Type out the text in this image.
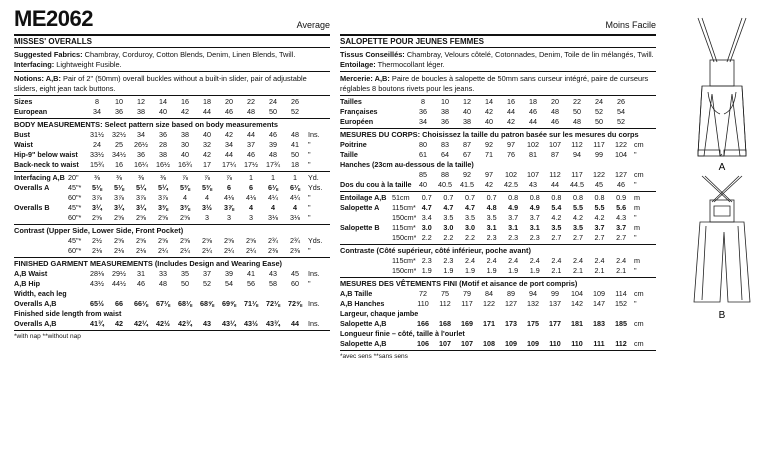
ME2062	Average
MISSES' OVERALLS
Suggested Fabrics: Chambray, Corduroy, Cotton Blends, Denim, Linen Blends, Twill. Interfacing: Lightweight Fusible.
Notions: A,B: Pair of 2" (50mm) overall buckles without a built-in slider, pair of adjustable sliders, eight jean tack buttons.
Sizes	8	10	12	14	16	18	20	22	24	26
European	34	36	38	40	42	44	46	48	50	52
BODY MEASUREMENTS: Select pattern size based on body measurements
Bust	31½	32½	34	36	38	40	42	44	46	48	Ins.
Waist	24	25	26½	28	30	32	34	37	39	41	"
Hip-9" below waist	33½	34½	36	38	40	42	44	46	48	50	"
Back-neck to waist	15¾	16	16¼	16½	16¾	17	17¼	17½	17¾	18	"
Interfacing A,B 20"	⅜	⅜	⅜	⅜	⅞	⅞	⅞	1	1	1	Yd.
Overalls A	45"*	5⅛	5⅛	5¼	5¼	5⅜	5⅜	6	6	6⅛	6⅛	Yds.
60"*	3⅞	3⅞	3⅞	3⅞	4	4	4⅛	4⅛	4¼	4¼	"
Overalls B	45"*	3¼	3¼	3¼	3⅜	3⅜	3½	3⅞	4	4	4	"
60"*	2⅝	2⅝	2⅝	2⅝	2⅝	3	3	3	3⅛	3⅛	"
Contrast (Upper Side, Lower Side, Front Pocket)
45"*	2½	2⅝	2⅝	2⅝	2⅝	2⅝	2⅝	2⅝	2¾	2¾	Yds.
60"*	2⅛	2⅛	2⅛	2¼	2¼	2¼	2¼	2¼	2⅜	2⅜	"
FINISHED GARMENT MEASUREMENTS (Includes Design and Wearing Ease)
A,B Waist	28⅛	29½	31	33	35	37	39	41	43	45	Ins.
A,B Hip	43½	44½	46	48	50	52	54	56	58	60	"
Width, each leg
Overalls A,B	65½	66	66⅛	67⅛	68⅛	68⅝	69⅝	71⅛	72⅛	72⅝ Ins.
Finished side length from waist
Overalls A,B	41¾	42	42¼	42½	42¾	43	43¼	43½	43¾	44	Ins.
*with nap **without nap
Moins Facile
SALOPETTE POUR JEUNES FEMMES
Tissus Conseillés: Chambray, Velours côtelé, Cotonnades, Denim, Toile de lin mélangés, Twill. Entoilage: Thermocollant léger.
Mercerie: A,B: Paire de boucles à salopette de 50mm sans curseur intégré, paire de curseurs réglables 8 boutons rivets pour les jeans.
Tailles	8	10	12	14	16	18	20	22	24	26
Françaises	36	38	40	42	44	46	48	50	52	54
Européen	34	36	38	40	42	44	46	48	50	52
MESURES DU CORPS: Choisissez la taille du patron basée sur les mesures du corps
Poitrine	80	83	87	92	97	102	107	112	117	122 cm
Taille	61	64	67	71	76	81	87	94	99	104 "
Hanches (23cm au-dessous de la taille)
85	88	92	97	102	107	112	117	122	127 cm
Dos du cou à la taille	40	40.5	41.5	42	42.5	43	44	44.5	45	46	"
Entoilage A,B 51cm	0.7	0.7	0.7	0.7	0.8	0.8	0.8	0.8	0.8	0.9	m
Salopette A	115cm* 4.7	4.7	4.7	4.8	4.9	4.9	5.4	5.5	5.5	5.6	m
150cm* 3.4	3.5	3.5	3.5	3.7	3.7	4.2	4.2	4.2	4.3	"
Salopette B	115cm* 3.0	3.0	3.0	3.1	3.1	3.1	3.5	3.5	3.7	3.7	m
150cm* 2.2	2.2	2.2	2.3	2.3	2.3	2.7	2.7	2.7	2.7	"
Contraste (Côté supérieur, côté inférieur, poche avant)
115cm* 2.3	2.3	2.4	2.4	2.4	2.4	2.4	2.4	2.4	2.4	m
150cm* 1.9	1.9	1.9	1.9	1.9	1.9	2.1	2.1	2.1	2.1	"
MESURES DES VÊTEMENTS FINI (Motif et aisance de port compris)
A,B Taille	72	75	79	84	89	94	99	104	109	114	cm
A,B Hanches	110	112	117	122	127	132	137	142	147	152 "
Largeur, chaque jambe
Salopette A,B	166	168	169	171	173	175	177	181	183	185 cm
Longueur finie – côté, taille à l'ourlet
Salopette A,B	106	107	107	108	109	109	110	110	111	112	cm
*avec sens **sans sens
A
B
